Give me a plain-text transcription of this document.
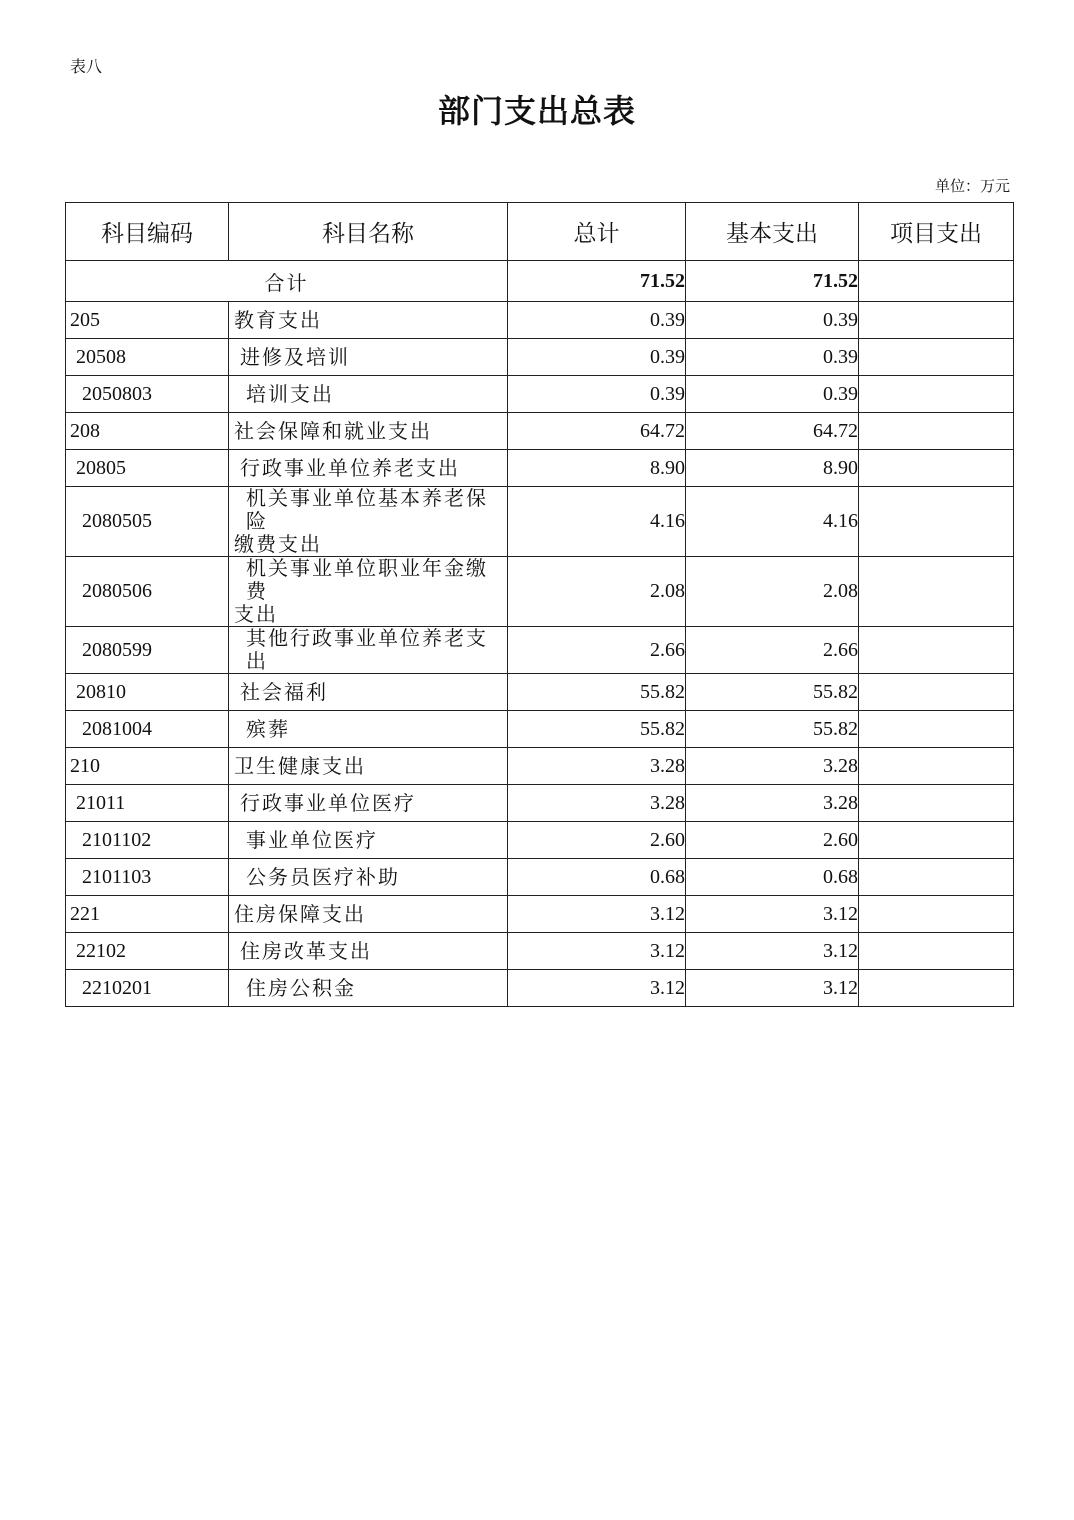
表八
部门支出总表
单位：万元
科目编码	科目名称	总计	基本支出	项目支出
合计		71.52	71.52	
205	教育支出	0.39	0.39	
20508	进修及培训	0.39	0.39	
2050803	培训支出	0.39	0.39	
208	社会保障和就业支出	64.72	64.72	
20805	行政事业单位养老支出	8.90	8.90	
2080505	机关事业单位基本养老保险
缴费支出	4.16	4.16	
2080506	机关事业单位职业年金缴费
支出	2.08	2.08	
2080599	其他行政事业单位养老支出	2.66	2.66	
20810	社会福利	55.82	55.82	
2081004	殡葬	55.82	55.82	
210	卫生健康支出	3.28	3.28	
21011	行政事业单位医疗	3.28	3.28	
2101102	事业单位医疗	2.60	2.60	
2101103	公务员医疗补助	0.68	0.68	
221	住房保障支出	3.12	3.12	
22102	住房改革支出	3.12	3.12	
2210201	住房公积金	3.12	3.12	
